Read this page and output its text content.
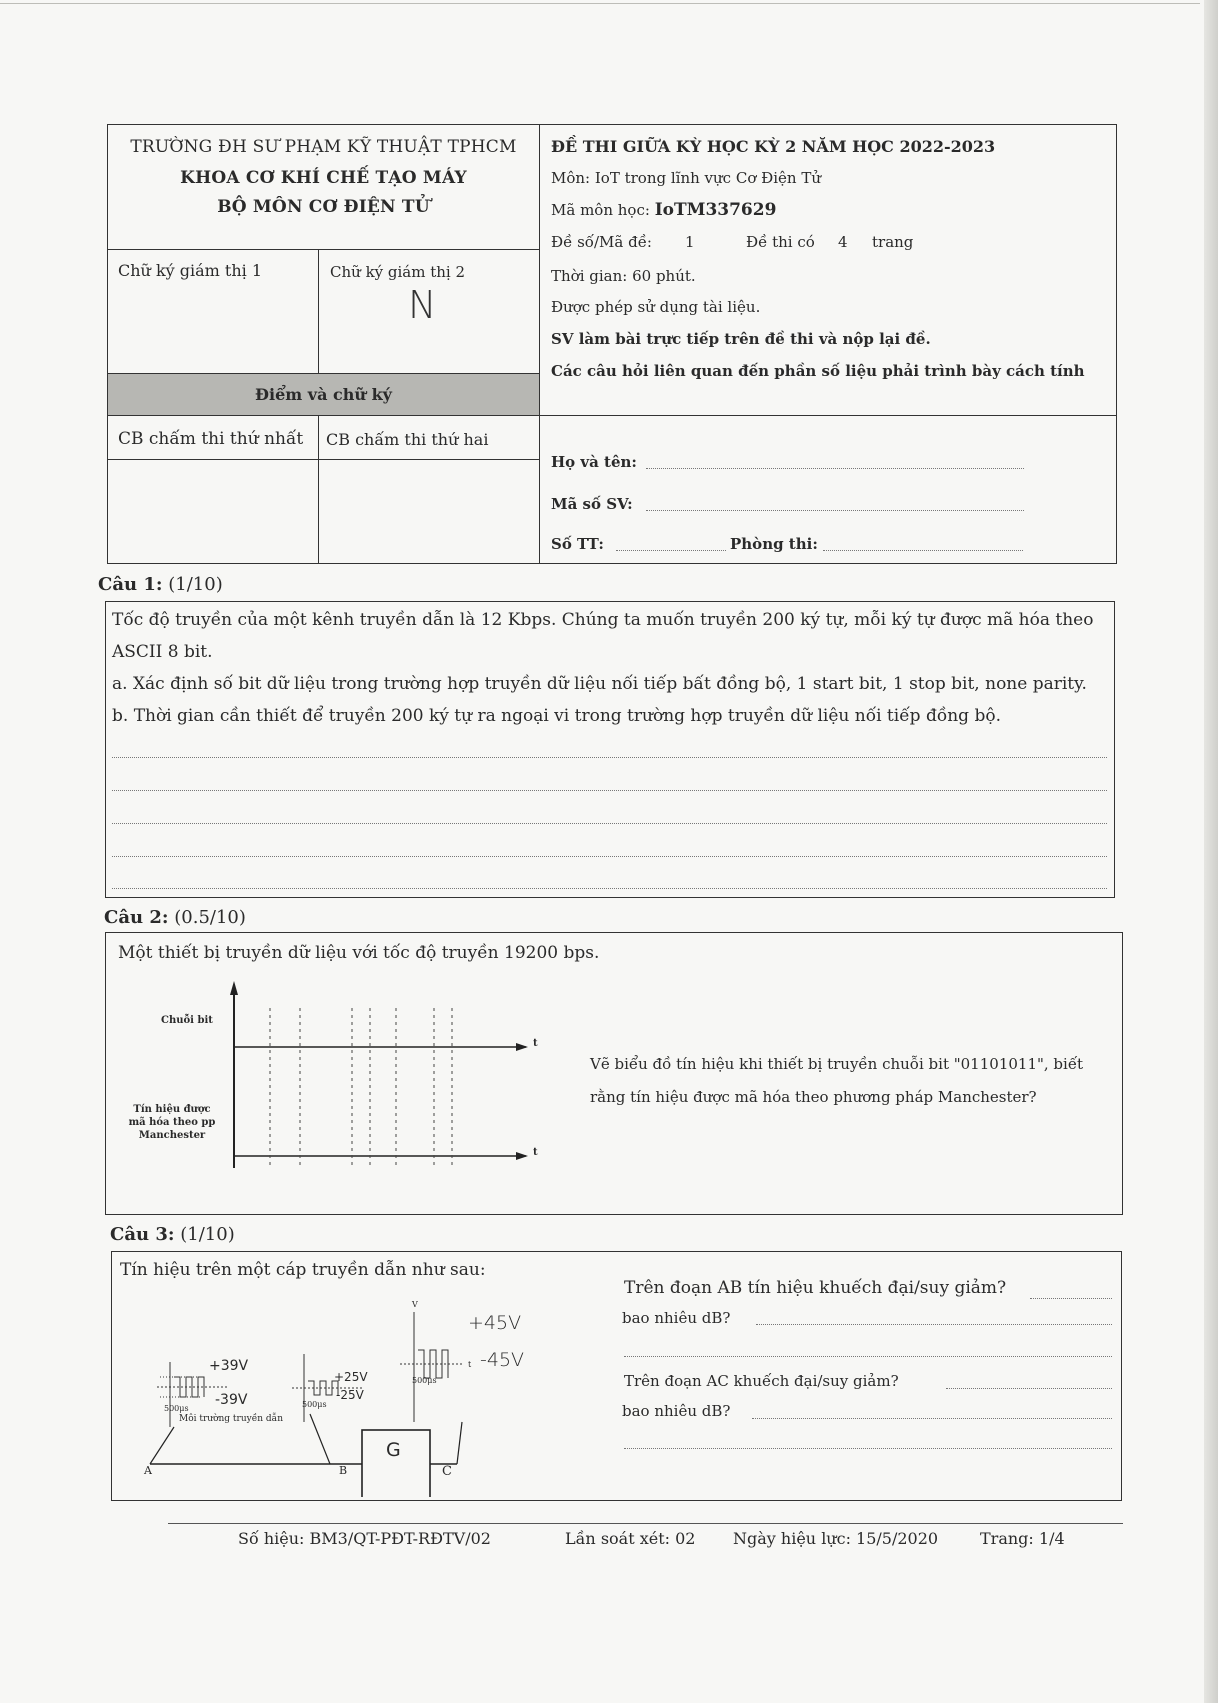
TRƯỜNG ĐH SƯ PHẠM KỸ THUẬT TPHCM
KHOA CƠ KHÍ CHẾ TẠO MÁY
BỘ MÔN CƠ ĐIỆN TỬ
Chữ ký giám thị 1	Chữ ký giám thị 2
N
Điểm và chữ ký
CB chấm thi thứ nhất CB chấm thi thứ hai
ĐỀ THI GIỮA KỲ HỌC KỲ 2 NĂM HỌC 2022-2023
Môn: IoT trong lĩnh vực Cơ Điện Tử
Mã môn học: IoTM337629
Đề số/Mã đề: 1	Đề thi có 4 trang
Thời gian: 60 phút.
Được phép sử dụng tài liệu.
SV làm bài trực tiếp trên đề thi và nộp lại đề.
Các câu hỏi liên quan đến phần số liệu phải trình bày cách tính
Họ và tên:
Mã số SV:
Số TT:	Phòng thi:
Câu 1: (1/10)
Tốc độ truyền của một kênh truyền dẫn là 12 Kbps. Chúng ta muốn truyền 200 ký tự, mỗi ký tự được mã hóa theo
ASCII 8 bit.
a. Xác định số bit dữ liệu trong trường hợp truyền dữ liệu nối tiếp bất đồng bộ, 1 start bit, 1 stop bit, none parity.
b. Thời gian cần thiết để truyền 200 ký tự ra ngoại vi trong trường hợp truyền dữ liệu nối tiếp đồng bộ.
Câu 2: (0.5/10)
Một thiết bị truyền dữ liệu với tốc độ truyền 19200 bps.
Chuỗi bit
t
Tín hiệu được
mã hóa theo pp
Manchester
t
Vẽ biểu đồ tín hiệu khi thiết bị truyền chuỗi bit "01101011", biết
rằng tín hiệu được mã hóa theo phương pháp Manchester?
Câu 3: (1/10)
Tín hiệu trên một cáp truyền dẫn như sau:
+39V
-39V
+25V
-25V
+45V
-45V
V
t
500μs
500μs	500μs
Môi trường truyền dẫn
A	B	C
G
Trên đoạn AB tín hiệu khuếch đại/suy giảm?
bao nhiêu dB?
Trên đoạn AC khuếch đại/suy giảm?
bao nhiêu dB?
Số hiệu: BM3/QT-PĐT-RĐTV/02	Lần soát xét: 02 Ngày hiệu lực: 15/5/2020	Trang: 1/4
